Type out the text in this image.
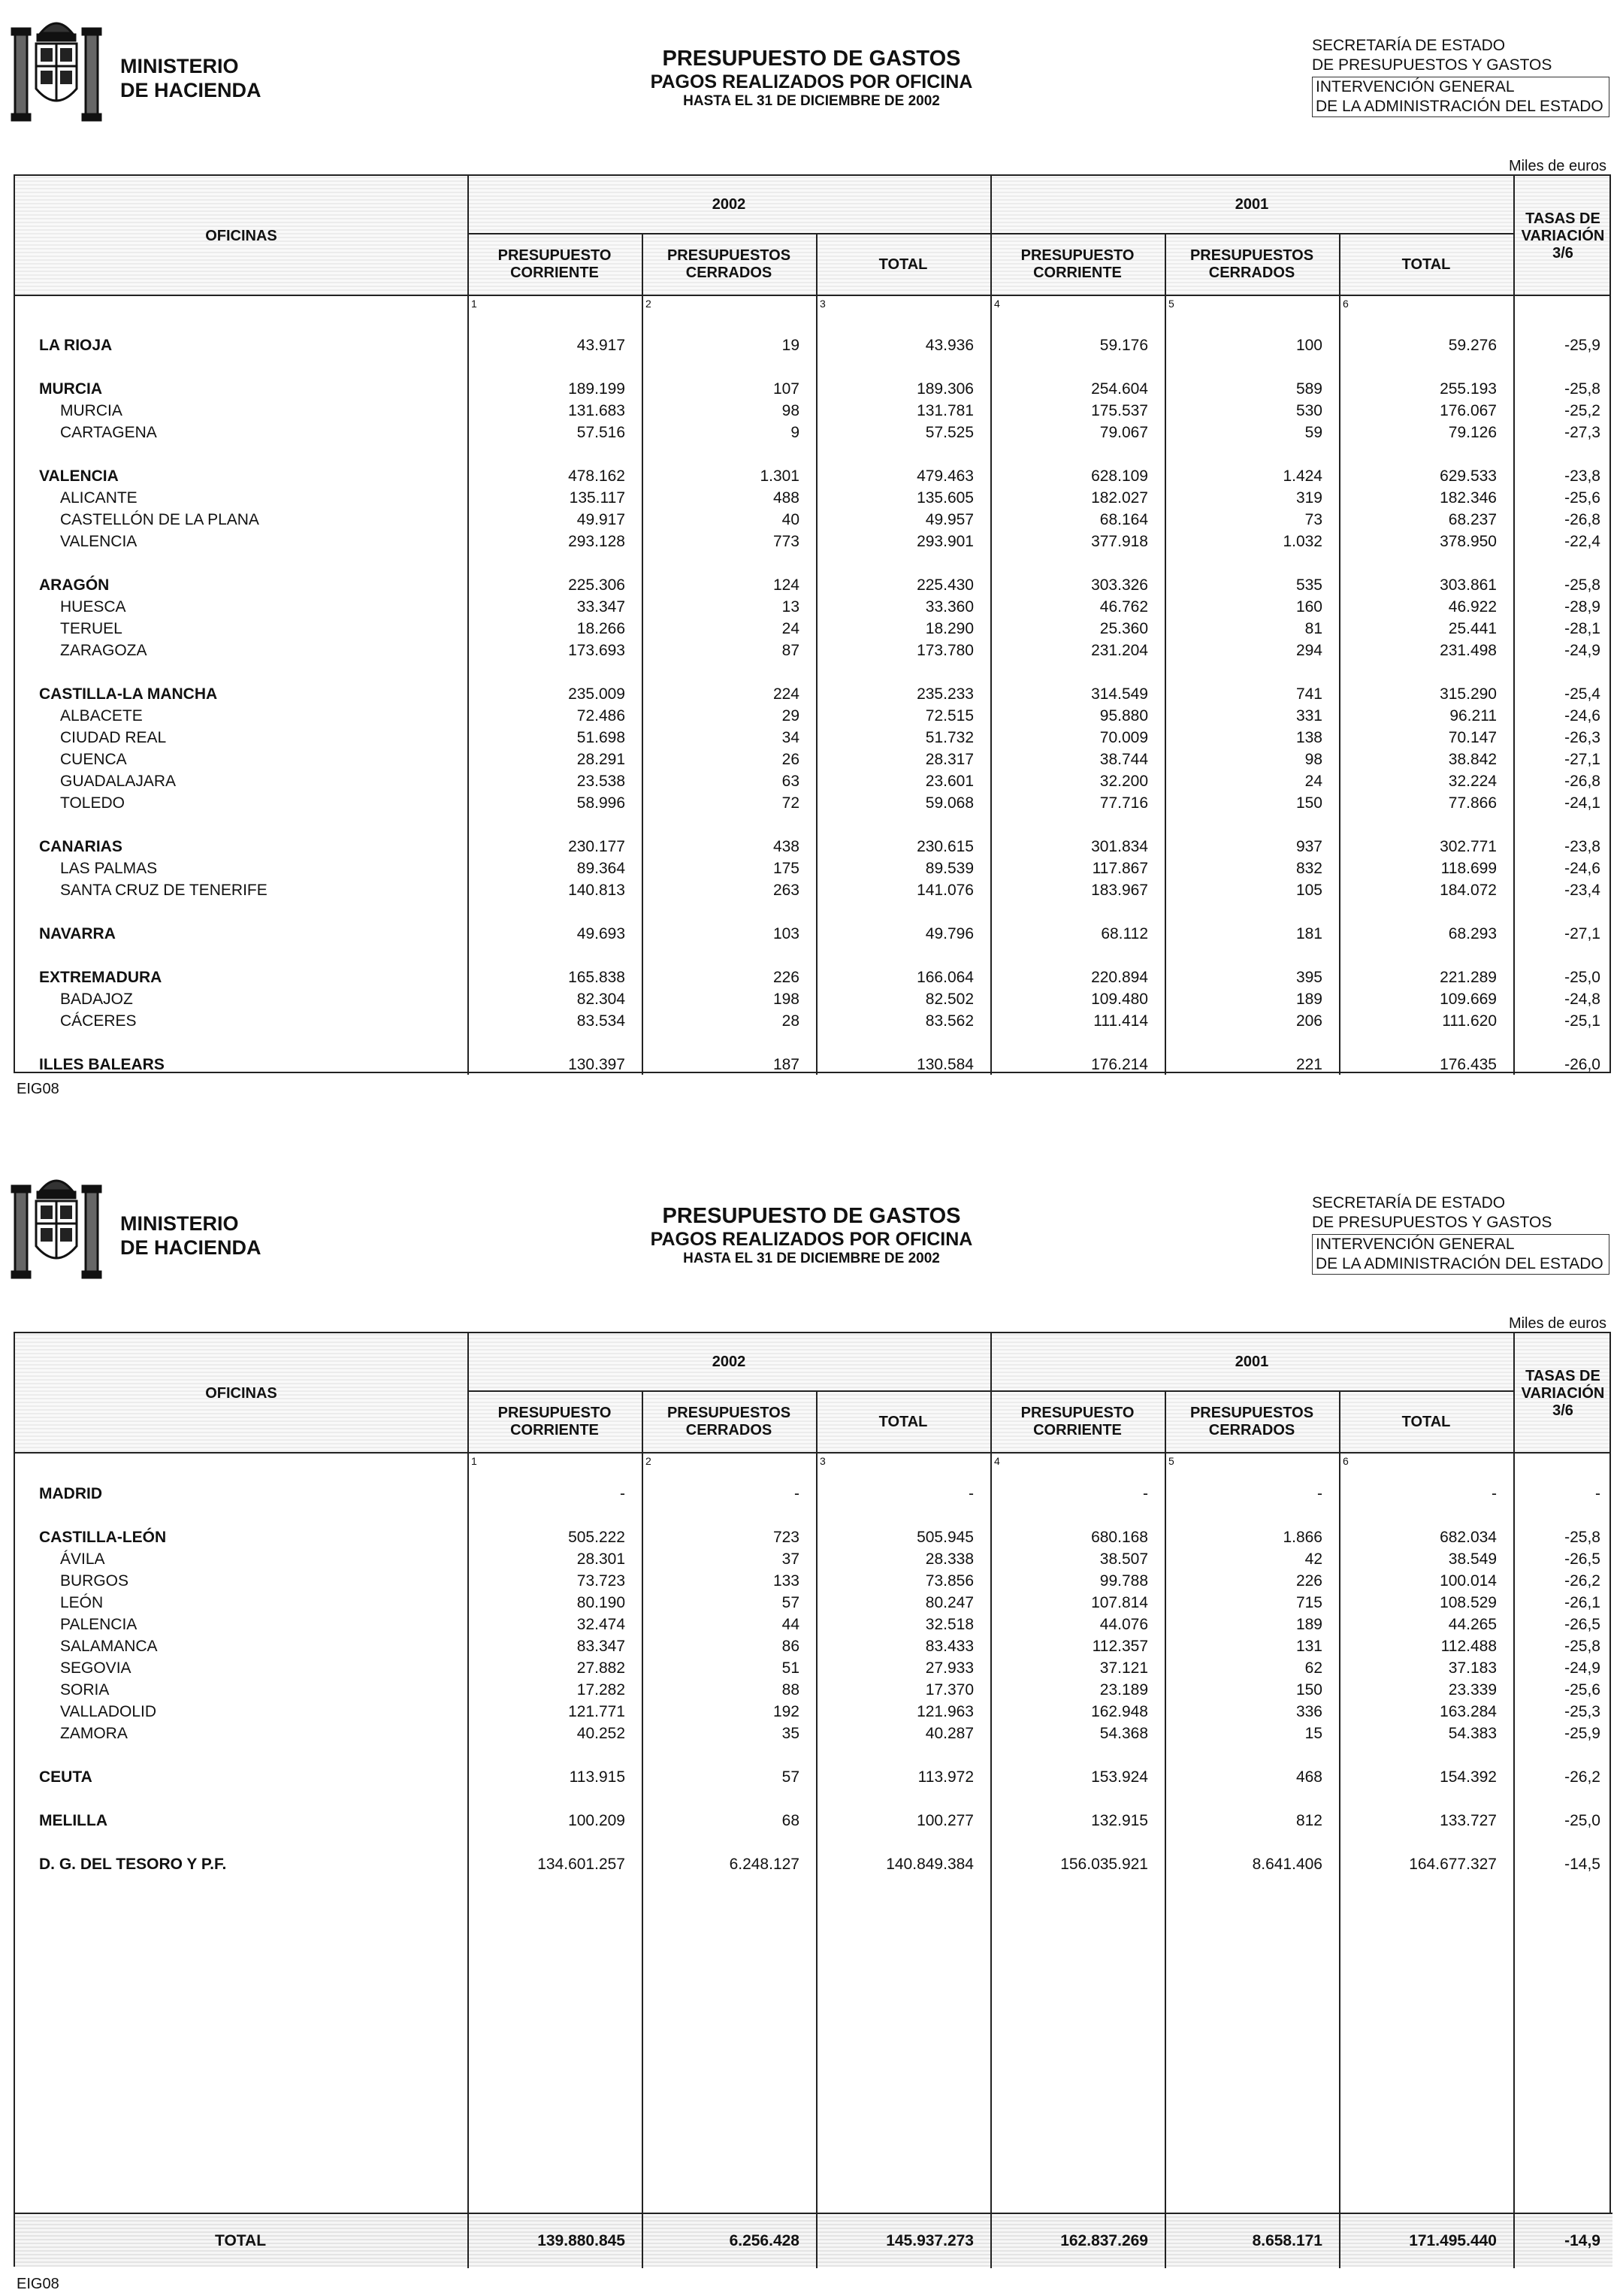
MINISTERIO
DE HACIENDA
PRESUPUESTO DE GASTOS
PAGOS REALIZADOS POR OFICINA
HASTA EL 31 DE DICIEMBRE DE 2002
SECRETARÍA DE ESTADO
DE PRESUPUESTOS Y GASTOS
INTERVENCIÓN GENERAL
DE LA ADMINISTRACIÓN DEL ESTADO
Miles de euros
OFICINAS
2002	2001
PRESUPUESTO CORRIENTE
PRESUPUESTOS CERRADOS
TOTAL
PRESUPUESTO CORRIENTE
PRESUPUESTOS CERRADOS
TOTAL
TASAS DE VARIACIÓN 3/6
1	2	3	4	5	6
LA RIOJA	43.917	19	43.936	59.176	100	59.276	-25,9
MURCIA	189.199	107	189.306	254.604	589	255.193	-25,8
MURCIA	131.683	98	131.781	175.537	530	176.067	-25,2
CARTAGENA	57.516	9	57.525	79.067	59	79.126	-27,3
VALENCIA	478.162	1.301	479.463	628.109	1.424	629.533	-23,8
ALICANTE	135.117	488	135.605	182.027	319	182.346	-25,6
CASTELLÓN DE LA PLANA	49.917	40	49.957	68.164	73	68.237	-26,8
VALENCIA	293.128	773	293.901	377.918	1.032	378.950	-22,4
ARAGÓN	225.306	124	225.430	303.326	535	303.861	-25,8
HUESCA	33.347	13	33.360	46.762	160	46.922	-28,9
TERUEL	18.266	24	18.290	25.360	81	25.441	-28,1
ZARAGOZA	173.693	87	173.780	231.204	294	231.498	-24,9
CASTILLA-LA MANCHA	235.009	224	235.233	314.549	741	315.290	-25,4
ALBACETE	72.486	29	72.515	95.880	331	96.211	-24,6
CIUDAD REAL	51.698	34	51.732	70.009	138	70.147	-26,3
CUENCA	28.291	26	28.317	38.744	98	38.842	-27,1
GUADALAJARA	23.538	63	23.601	32.200	24	32.224	-26,8
TOLEDO	58.996	72	59.068	77.716	150	77.866	-24,1
CANARIAS	230.177	438	230.615	301.834	937	302.771	-23,8
LAS PALMAS	89.364	175	89.539	117.867	832	118.699	-24,6
SANTA CRUZ DE TENERIFE	140.813	263	141.076	183.967	105	184.072	-23,4
NAVARRA	49.693	103	49.796	68.112	181	68.293	-27,1
EXTREMADURA	165.838	226	166.064	220.894	395	221.289	-25,0
BADAJOZ	82.304	198	82.502	109.480	189	109.669	-24,8
CÁCERES	83.534	28	83.562	111.414	206	111.620	-25,1
ILLES BALEARS	130.397	187	130.584	176.214	221	176.435	-26,0
EIG08
MINISTERIO
DE HACIENDA
PRESUPUESTO DE GASTOS
PAGOS REALIZADOS POR OFICINA
HASTA EL 31 DE DICIEMBRE DE 2002
SECRETARÍA DE ESTADO
DE PRESUPUESTOS Y GASTOS
INTERVENCIÓN GENERAL
DE LA ADMINISTRACIÓN DEL ESTADO
Miles de euros
OFICINAS
2002	2001
PRESUPUESTO CORRIENTE
PRESUPUESTOS CERRADOS
TOTAL
PRESUPUESTO CORRIENTE
PRESUPUESTOS CERRADOS
TOTAL
TASAS DE VARIACIÓN 3/6
1	2	3	4	5	6
MADRID	-	-	-	-	-	-	-
CASTILLA-LEÓN	505.222	723	505.945	680.168	1.866	682.034	-25,8
ÁVILA	28.301	37	28.338	38.507	42	38.549	-26,5
BURGOS	73.723	133	73.856	99.788	226	100.014	-26,2
LEÓN	80.190	57	80.247	107.814	715	108.529	-26,1
PALENCIA	32.474	44	32.518	44.076	189	44.265	-26,5
SALAMANCA	83.347	86	83.433	112.357	131	112.488	-25,8
SEGOVIA	27.882	51	27.933	37.121	62	37.183	-24,9
SORIA	17.282	88	17.370	23.189	150	23.339	-25,6
VALLADOLID	121.771	192	121.963	162.948	336	163.284	-25,3
ZAMORA	40.252	35	40.287	54.368	15	54.383	-25,9
CEUTA	113.915	57	113.972	153.924	468	154.392	-26,2
MELILLA	100.209	68	100.277	132.915	812	133.727	-25,0
D. G. DEL TESORO Y P.F.	134.601.257	6.248.127	140.849.384	156.035.921	8.641.406	164.677.327	-14,5
TOTAL	139.880.845	6.256.428	145.937.273	162.837.269	8.658.171	171.495.440	-14,9
EIG08
